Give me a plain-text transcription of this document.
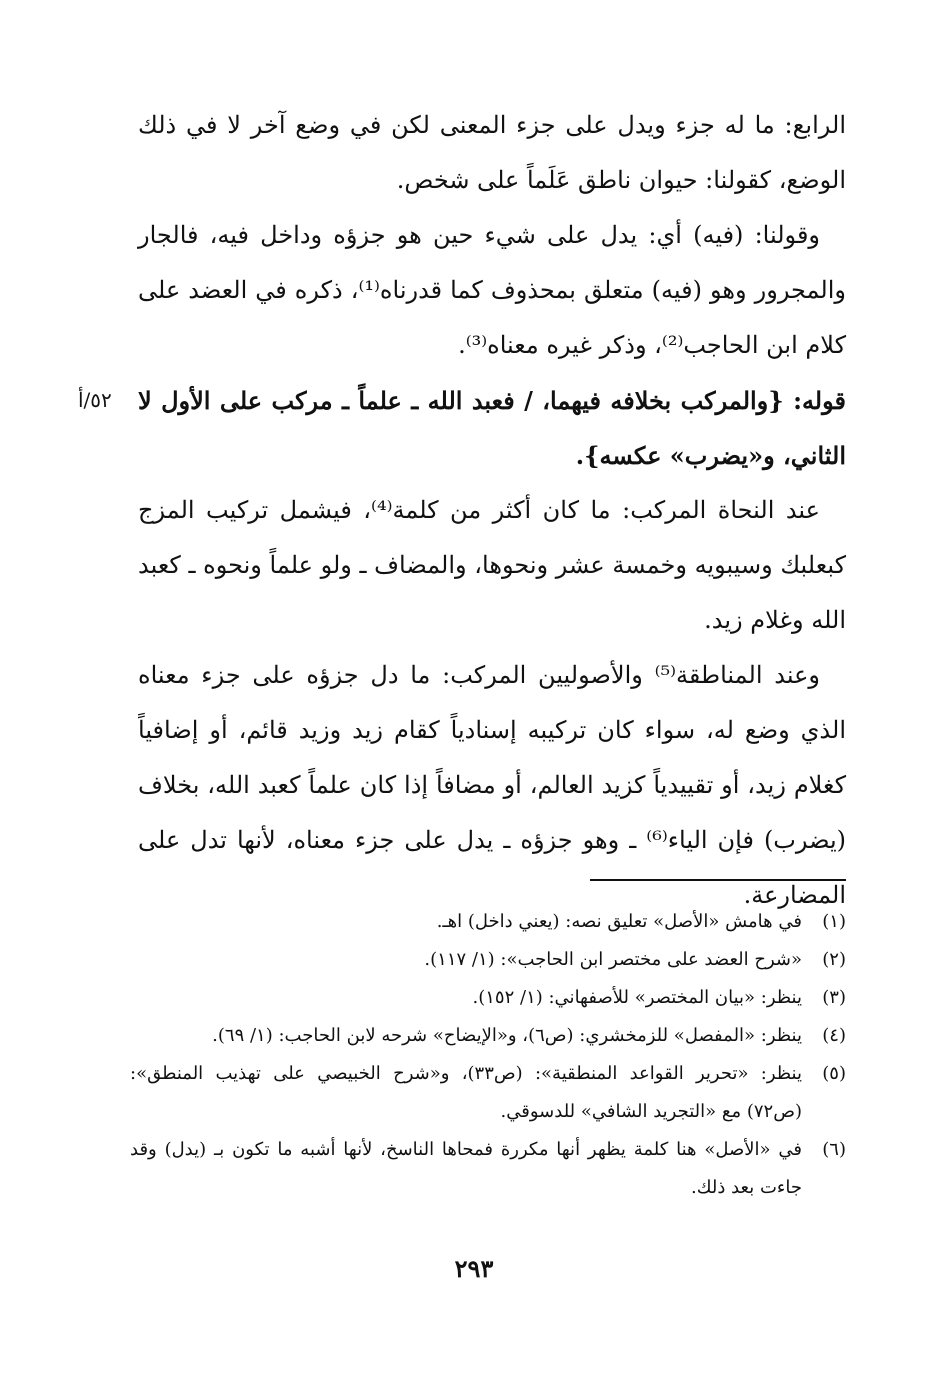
الرابع: ما له جزء ويدل على جزء المعنى لكن في وضع آخر لا في ذلك الوضع، كقولنا: حيوان ناطق عَلَماً على شخص.

وقولنا: (فيه) أي: يدل على شيء حين هو جزؤه وداخل فيه، فالجار والمجرور وهو (فيه) متعلق بمحذوف كما قدرناه⁽¹⁾، ذكره في العضد على كلام ابن الحاجب⁽²⁾، وذكر غيره معناه⁽³⁾.

٥٢/أ قوله: {والمركب بخلافه فيهما، / فعبد الله ـ علماً ـ مركب على الأول لا الثاني، و«يضرب» عكسه}.

عند النحاة المركب: ما كان أكثر من كلمة⁽⁴⁾، فيشمل تركيب المزج كبعلبك وسيبويه وخمسة عشر ونحوها، والمضاف ـ ولو علماً ونحوه ـ كعبد الله وغلام زيد.

وعند المناطقة⁽⁵⁾ والأصوليين المركب: ما دل جزؤه على جزء معناه الذي وضع له، سواء كان تركيبه إسنادياً كقام زيد وزيد قائم، أو إضافياً كغلام زيد، أو تقييدياً كزيد العالم، أو مضافاً إذا كان علماً كعبد الله، بخلاف (يضرب) فإن الياء⁽⁶⁾ ـ وهو جزؤه ـ يدل على جزء معناه، لأنها تدل على المضارعة.

(١)
في هامش «الأصل» تعليق نصه: (يعني داخل) اهـ.
(٢)
«شرح العضد على مختصر ابن الحاجب»: (١/ ١١٧).
(٣)
ينظر: «بيان المختصر» للأصفهاني: (١/ ١٥٢).
(٤)
ينظر: «المفصل» للزمخشري: (ص٦)، و«الإيضاح» شرحه لابن الحاجب: (١/ ٦٩).
(٥)
ينظر: «تحرير القواعد المنطقية»: (ص٣٣)، و«شرح الخبيصي على تهذيب المنطق»: (ص٧٢) مع «التجريد الشافي» للدسوقي.
(٦)
في «الأصل» هنا كلمة يظهر أنها مكررة فمحاها الناسخ، لأنها أشبه ما تكون بـ (يدل) وقد جاءت بعد ذلك.
٢٩٣
